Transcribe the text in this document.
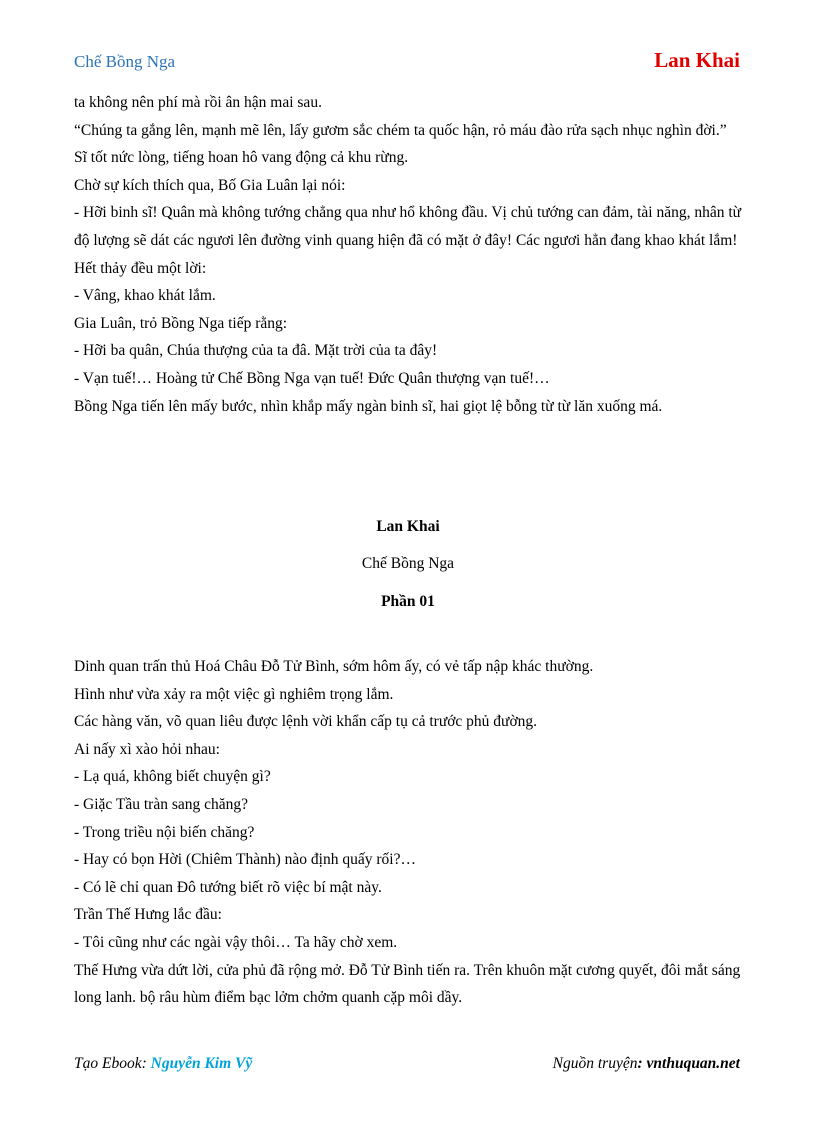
Chế Bồng Nga	Lan Khai

ta không nên phí mà rồi ân hận mai sau.

“Chúng ta gắng lên, mạnh mẽ lên, lấy gươm sắc chém ta quốc hận, rỏ máu đào rửa sạch nhục nghìn đời.”

Sĩ tốt nức lòng, tiếng hoan hô vang động cả khu rừng.

Chờ sự kích thích qua, Bố Gia Luân lại nói:

- Hỡi binh sĩ! Quân mà không tướng chẳng qua như hổ không đầu. Vị chủ tướng can đảm, tài năng, nhân từ độ lượng sẽ dát các ngươi lên đường vinh quang hiện đã có mặt ở đây! Các ngươi hẳn đang khao khát lắm!

Hết thảy đều một lời:

- Vâng, khao khát lắm.

Gia Luân, trỏ Bồng Nga tiếp rằng:

- Hỡi ba quân, Chúa thượng của ta đâ. Mặt trời của ta đây!

- Vạn tuế!… Hoàng tử Chế Bồng Nga vạn tuế! Đức Quân thượng vạn tuế!…

Bồng Nga tiến lên mấy bước, nhìn khắp mấy ngàn binh sĩ, hai giọt lệ bỗng từ từ lăn xuống má.

Lan Khai
Chế Bồng Nga
Phần 01

Dinh quan trấn thủ Hoá Châu Đỗ Tử Bình, sớm hôm ấy, có vẻ tấp nập khác thường.

Hình như vừa xảy ra một việc gì nghiêm trọng lắm.

Các hàng văn, võ quan liêu được lệnh vời khẩn cấp tụ cả trước phủ đường.

Ai nấy xì xào hỏi nhau:

- Lạ quá, không biết chuyện gì?

- Giặc Tầu tràn sang chăng?

- Trong triều nội biến chăng?

- Hay có bọn Hời (Chiêm Thành) nào định quấy rối?…

- Có lẽ chỉ quan Đô tướng biết rõ việc bí mật này.

Trần Thế Hưng lắc đầu:

- Tôi cũng như các ngài vậy thôi… Ta hãy chờ xem.

Thế Hưng vừa dứt lời, cửa phủ đã rộng mở. Đỗ Tử Bình tiến ra. Trên khuôn mặt cương quyết, đôi mắt sáng long lanh. bộ râu hùm điểm bạc lởm chởm quanh cặp môi dầy.

Tạo Ebook: Nguyễn Kim Vỹ	Nguồn truyện: vnthuquan.net
